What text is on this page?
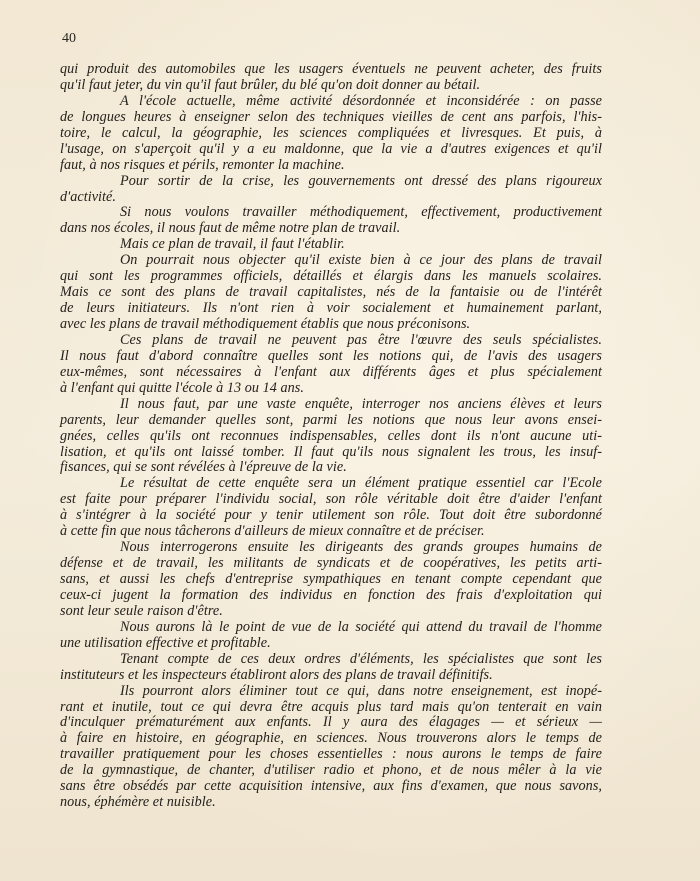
40

qui produit des automobiles que les usagers éventuels ne peuvent acheter, des fruits
qu'il faut jeter, du vin qu'il faut brûler, du blé qu'on doit donner au bétail.
A l'école actuelle, même activité désordonnée et inconsidérée : on passe
de longues heures à enseigner selon des techniques vieilles de cent ans parfois, l'his-
toire, le calcul, la géographie, les sciences compliquées et livresques. Et puis, à
l'usage, on s'aperçoit qu'il y a eu maldonne, que la vie a d'autres exigences et qu'il
faut, à nos risques et périls, remonter la machine.
Pour sortir de la crise, les gouvernements ont dressé des plans rigoureux
d'activité.
Si nous voulons travailler méthodiquement, effectivement, productivement
dans nos écoles, il nous faut de même notre plan de travail.
Mais ce plan de travail, il faut l'établir.
On pourrait nous objecter qu'il existe bien à ce jour des plans de travail
qui sont les programmes officiels, détaillés et élargis dans les manuels scolaires.
Mais ce sont des plans de travail capitalistes, nés de la fantaisie ou de l'intérêt
de leurs initiateurs. Ils n'ont rien à voir socialement et humainement parlant,
avec les plans de travail méthodiquement établis que nous préconisons.
Ces plans de travail ne peuvent pas être l'œuvre des seuls spécialistes.
Il nous faut d'abord connaître quelles sont les notions qui, de l'avis des usagers
eux-mêmes, sont nécessaires à l'enfant aux différents âges et plus spécialement
à l'enfant qui quitte l'école à 13 ou 14 ans.
Il nous faut, par une vaste enquête, interroger nos anciens élèves et leurs
parents, leur demander quelles sont, parmi les notions que nous leur avons ensei-
gnées, celles qu'ils ont reconnues indispensables, celles dont ils n'ont aucune uti-
lisation, et qu'ils ont laissé tomber. Il faut qu'ils nous signalent les trous, les insuf-
fisances, qui se sont révélées à l'épreuve de la vie.
Le résultat de cette enquête sera un élément pratique essentiel car l'Ecole
est faite pour préparer l'individu social, son rôle véritable doit être d'aider l'enfant
à s'intégrer à la société pour y tenir utilement son rôle. Tout doit être subordonné
à cette fin que nous tâcherons d'ailleurs de mieux connaître et de préciser.
Nous interrogerons ensuite les dirigeants des grands groupes humains de
défense et de travail, les militants de syndicats et de coopératives, les petits arti-
sans, et aussi les chefs d'entreprise sympathiques en tenant compte cependant que
ceux-ci jugent la formation des individus en fonction des frais d'exploitation qui
sont leur seule raison d'être.
Nous aurons là le point de vue de la société qui attend du travail de l'homme
une utilisation effective et profitable.
Tenant compte de ces deux ordres d'éléments, les spécialistes que sont les
instituteurs et les inspecteurs établiront alors des plans de travail définitifs.
Ils pourront alors éliminer tout ce qui, dans notre enseignement, est inopé-
rant et inutile, tout ce qui devra être acquis plus tard mais qu'on tenterait en vain
d'inculquer prématurément aux enfants. Il y aura des élagages — et sérieux —
à faire en histoire, en géographie, en sciences. Nous trouverons alors le temps de
travailler pratiquement pour les choses essentielles : nous aurons le temps de faire
de la gymnastique, de chanter, d'utiliser radio et phono, et de nous mêler à la vie
sans être obsédés par cette acquisition intensive, aux fins d'examen, que nous savons,
nous, éphémère et nuisible.
